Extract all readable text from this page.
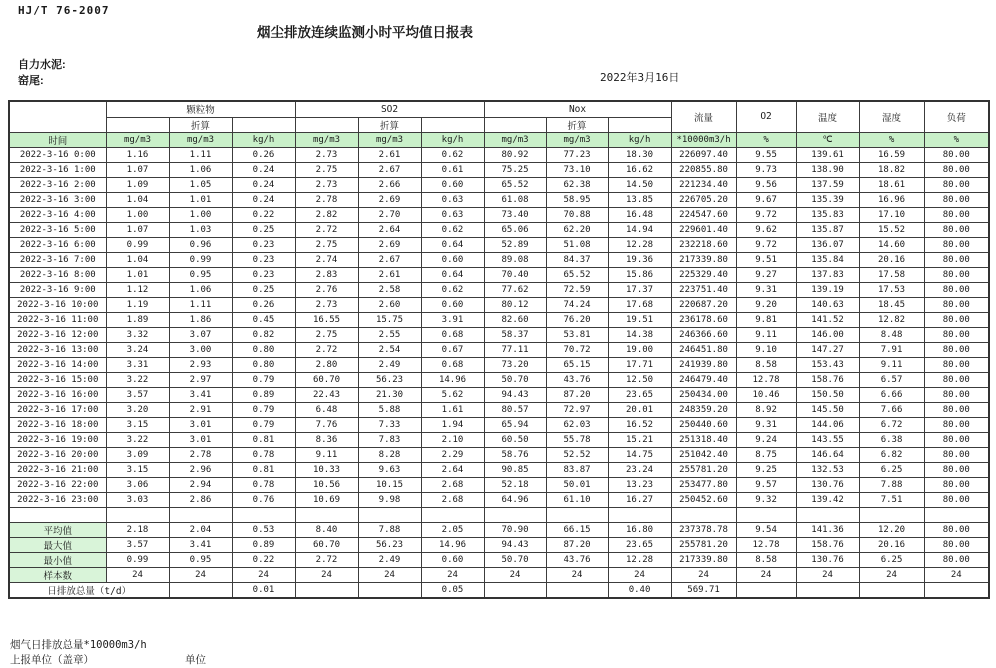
HJ/T 76-2007
烟尘排放连续监测小时平均值日报表
自力水泥:
窑尾:	2022年3月16日
	颗粒物			SO2			Nox			流量	O2	温度	湿度	负荷
		折算			折算			折算						
时间	mg/m3	mg/m3	kg/h	mg/m3	mg/m3	kg/h	mg/m3	mg/m3	kg/h	*10000m3/h	%	℃	%	%
2022-3-16 0:00	1.16	1.11	0.26	2.73	2.61	0.62	80.92	77.23	18.30	226097.40	9.55	139.61	16.59	80.00
2022-3-16 1:00	1.07	1.06	0.24	2.75	2.67	0.61	75.25	73.10	16.62	220855.80	9.73	138.90	18.82	80.00
2022-3-16 2:00	1.09	1.05	0.24	2.73	2.66	0.60	65.52	62.38	14.50	221234.40	9.56	137.59	18.61	80.00
2022-3-16 3:00	1.04	1.01	0.24	2.78	2.69	0.63	61.08	58.95	13.85	226705.20	9.67	135.39	16.96	80.00
2022-3-16 4:00	1.00	1.00	0.22	2.82	2.70	0.63	73.40	70.88	16.48	224547.60	9.72	135.83	17.10	80.00
2022-3-16 5:00	1.07	1.03	0.25	2.72	2.64	0.62	65.06	62.20	14.94	229601.40	9.62	135.87	15.52	80.00
2022-3-16 6:00	0.99	0.96	0.23	2.75	2.69	0.64	52.89	51.08	12.28	232218.60	9.72	136.07	14.60	80.00
2022-3-16 7:00	1.04	0.99	0.23	2.74	2.67	0.60	89.08	84.37	19.36	217339.80	9.51	135.84	20.16	80.00
2022-3-16 8:00	1.01	0.95	0.23	2.83	2.61	0.64	70.40	65.52	15.86	225329.40	9.27	137.83	17.58	80.00
2022-3-16 9:00	1.12	1.06	0.25	2.76	2.58	0.62	77.62	72.59	17.37	223751.40	9.31	139.19	17.53	80.00
2022-3-16 10:00	1.19	1.11	0.26	2.73	2.60	0.60	80.12	74.24	17.68	220687.20	9.20	140.63	18.45	80.00
2022-3-16 11:00	1.89	1.86	0.45	16.55	15.75	3.91	82.60	76.20	19.51	236178.60	9.81	141.52	12.82	80.00
2022-3-16 12:00	3.32	3.07	0.82	2.75	2.55	0.68	58.37	53.81	14.38	246366.60	9.11	146.00	8.48	80.00
2022-3-16 13:00	3.24	3.00	0.80	2.72	2.54	0.67	77.11	70.72	19.00	246451.80	9.10	147.27	7.91	80.00
2022-3-16 14:00	3.31	2.93	0.80	2.80	2.49	0.68	73.20	65.15	17.71	241939.80	8.58	153.43	9.11	80.00
2022-3-16 15:00	3.22	2.97	0.79	60.70	56.23	14.96	50.70	43.76	12.50	246479.40	12.78	158.76	6.57	80.00
2022-3-16 16:00	3.57	3.41	0.89	22.43	21.30	5.62	94.43	87.20	23.65	250434.00	10.46	150.50	6.66	80.00
2022-3-16 17:00	3.20	2.91	0.79	6.48	5.88	1.61	80.57	72.97	20.01	248359.20	8.92	145.50	7.66	80.00
2022-3-16 18:00	3.15	3.01	0.79	7.76	7.33	1.94	65.94	62.03	16.52	250440.60	9.31	144.06	6.72	80.00
2022-3-16 19:00	3.22	3.01	0.81	8.36	7.83	2.10	60.50	55.78	15.21	251318.40	9.24	143.55	6.38	80.00
2022-3-16 20:00	3.09	2.78	0.78	9.11	8.28	2.29	58.76	52.52	14.75	251042.40	8.75	146.64	6.82	80.00
2022-3-16 21:00	3.15	2.96	0.81	10.33	9.63	2.64	90.85	83.87	23.24	255781.20	9.25	132.53	6.25	80.00
2022-3-16 22:00	3.06	2.94	0.78	10.56	10.15	2.68	52.18	50.01	13.23	253477.80	9.57	130.76	7.88	80.00
2022-3-16 23:00	3.03	2.86	0.76	10.69	9.98	2.68	64.96	61.10	16.27	250452.60	9.32	139.42	7.51	80.00

平均值	2.18	2.04	0.53	8.40	7.88	2.05	70.90	66.15	16.80	237378.78	9.54	141.36	12.20	80.00
最大值	3.57	3.41	0.89	60.70	56.23	14.96	94.43	87.20	23.65	255781.20	12.78	158.76	20.16	80.00
最小值	0.99	0.95	0.22	2.72	2.49	0.60	50.70	43.76	12.28	217339.80	8.58	130.76	6.25	80.00
样本数	24	24	24	24	24	24	24	24	24	24	24	24	24	24
日排放总量（t/d）			0.01			0.05			0.40	569.71				
烟气日排放总量*10000m3/h
上报单位（盖章）	单位
